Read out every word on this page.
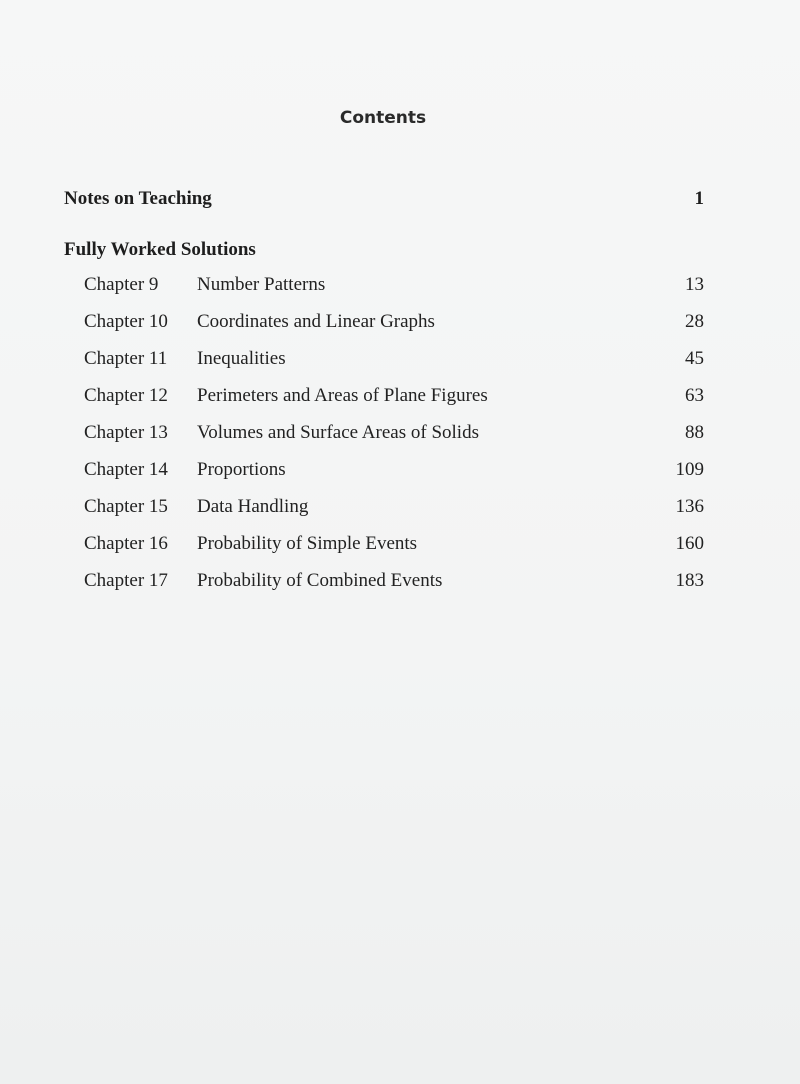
Contents
Notes on Teaching	1
Fully Worked Solutions
Chapter 9 Number Patterns	13
Chapter 10 Coordinates and Linear Graphs	28
Chapter 11 Inequalities	45
Chapter 12 Perimeters and Areas of Plane Figures	63
Chapter 13 Volumes and Surface Areas of Solids	88
Chapter 14 Proportions	109
Chapter 15 Data Handling	136
Chapter 16 Probability of Simple Events	160
Chapter 17 Probability of Combined Events	183
